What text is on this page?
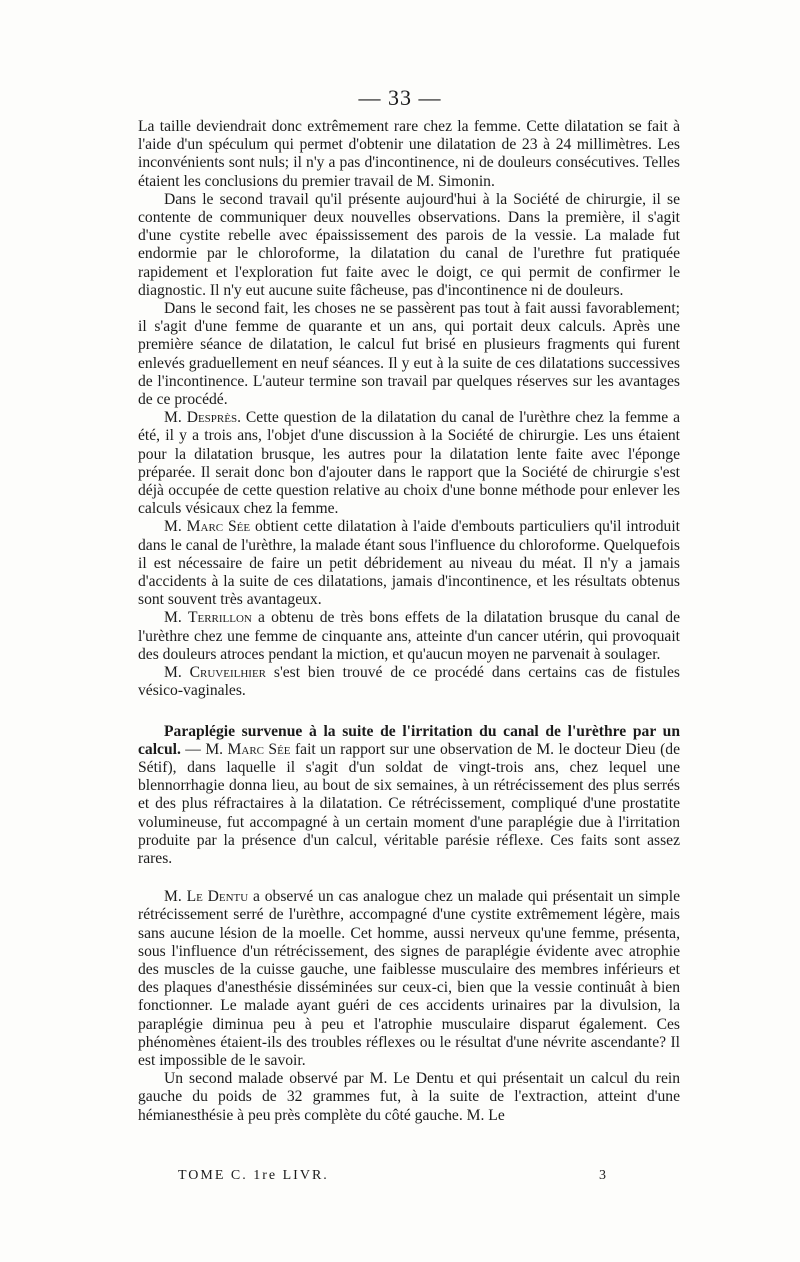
— 33 —

La taille deviendrait donc extrêmement rare chez la femme. Cette dilatation se fait à l'aide d'un spéculum qui permet d'obtenir une dilatation de 23 à 24 millimètres. Les inconvénients sont nuls; il n'y a pas d'incontinence, ni de douleurs consécutives. Telles étaient les conclusions du premier travail de M. Simonin.

Dans le second travail qu'il présente aujourd'hui à la Société de chirurgie, il se contente de communiquer deux nouvelles observations. Dans la première, il s'agit d'une cystite rebelle avec épaississement des parois de la vessie. La malade fut endormie par le chloroforme, la dilatation du canal de l'urethre fut pratiquée rapidement et l'exploration fut faite avec le doigt, ce qui permit de confirmer le diagnostic. Il n'y eut aucune suite fâcheuse, pas d'incontinence ni de douleurs.

Dans le second fait, les choses ne se passèrent pas tout à fait aussi favorablement; il s'agit d'une femme de quarante et un ans, qui portait deux calculs. Après une première séance de dilatation, le calcul fut brisé en plusieurs fragments qui furent enlevés graduellement en neuf séances. Il y eut à la suite de ces dilatations successives de l'incontinence. L'auteur termine son travail par quelques réserves sur les avantages de ce procédé.

M. Desprès. Cette question de la dilatation du canal de l'urèthre chez la femme a été, il y a trois ans, l'objet d'une discussion à la Société de chirurgie. Les uns étaient pour la dilatation brusque, les autres pour la dilatation lente faite avec l'éponge préparée. Il serait donc bon d'ajouter dans le rapport que la Société de chirurgie s'est déjà occupée de cette question relative au choix d'une bonne méthode pour enlever les calculs vésicaux chez la femme.

M. Marc Sée obtient cette dilatation à l'aide d'embouts particuliers qu'il introduit dans le canal de l'urèthre, la malade étant sous l'influence du chloroforme. Quelquefois il est nécessaire de faire un petit débridement au niveau du méat. Il n'y a jamais d'accidents à la suite de ces dilatations, jamais d'incontinence, et les résultats obtenus sont souvent très avantageux.

M. Terrillon a obtenu de très bons effets de la dilatation brusque du canal de l'urèthre chez une femme de cinquante ans, atteinte d'un cancer utérin, qui provoquait des douleurs atroces pendant la miction, et qu'aucun moyen ne parvenait à soulager.

M. Cruveilhier s'est bien trouvé de ce procédé dans certains cas de fistules vésico-vaginales.

Paraplégie survenue à la suite de l'irritation du canal de l'urèthre par un calcul. — M. Marc Sée fait un rapport sur une observation de M. le docteur Dieu (de Sétif), dans laquelle il s'agit d'un soldat de vingt-trois ans, chez lequel une blennorrhagie donna lieu, au bout de six semaines, à un rétrécissement des plus serrés et des plus réfractaires à la dilatation. Ce rétrécissement, compliqué d'une prostatite volumineuse, fut accompagné à un certain moment d'une paraplégie due à l'irritation produite par la présence d'un calcul, véritable parésie réflexe. Ces faits sont assez rares.

M. Le Dentu a observé un cas analogue chez un malade qui présentait un simple rétrécissement serré de l'urèthre, accompagné d'une cystite extrêmement légère, mais sans aucune lésion de la moelle. Cet homme, aussi nerveux qu'une femme, présenta, sous l'influence d'un rétrécissement, des signes de paraplégie évidente avec atrophie des muscles de la cuisse gauche, une faiblesse musculaire des membres inférieurs et des plaques d'anesthésie disséminées sur ceux-ci, bien que la vessie continuât à bien fonctionner. Le malade ayant guéri de ces accidents urinaires par la divulsion, la paraplégie diminua peu à peu et l'atrophie musculaire disparut également. Ces phénomènes étaient-ils des troubles réflexes ou le résultat d'une névrite ascendante? Il est impossible de le savoir.

Un second malade observé par M. Le Dentu et qui présentait un calcul du rein gauche du poids de 32 grammes fut, à la suite de l'extraction, atteint d'une hémianesthésie à peu près complète du côté gauche. M. Le

TOME C. 1re LIVR.	3
